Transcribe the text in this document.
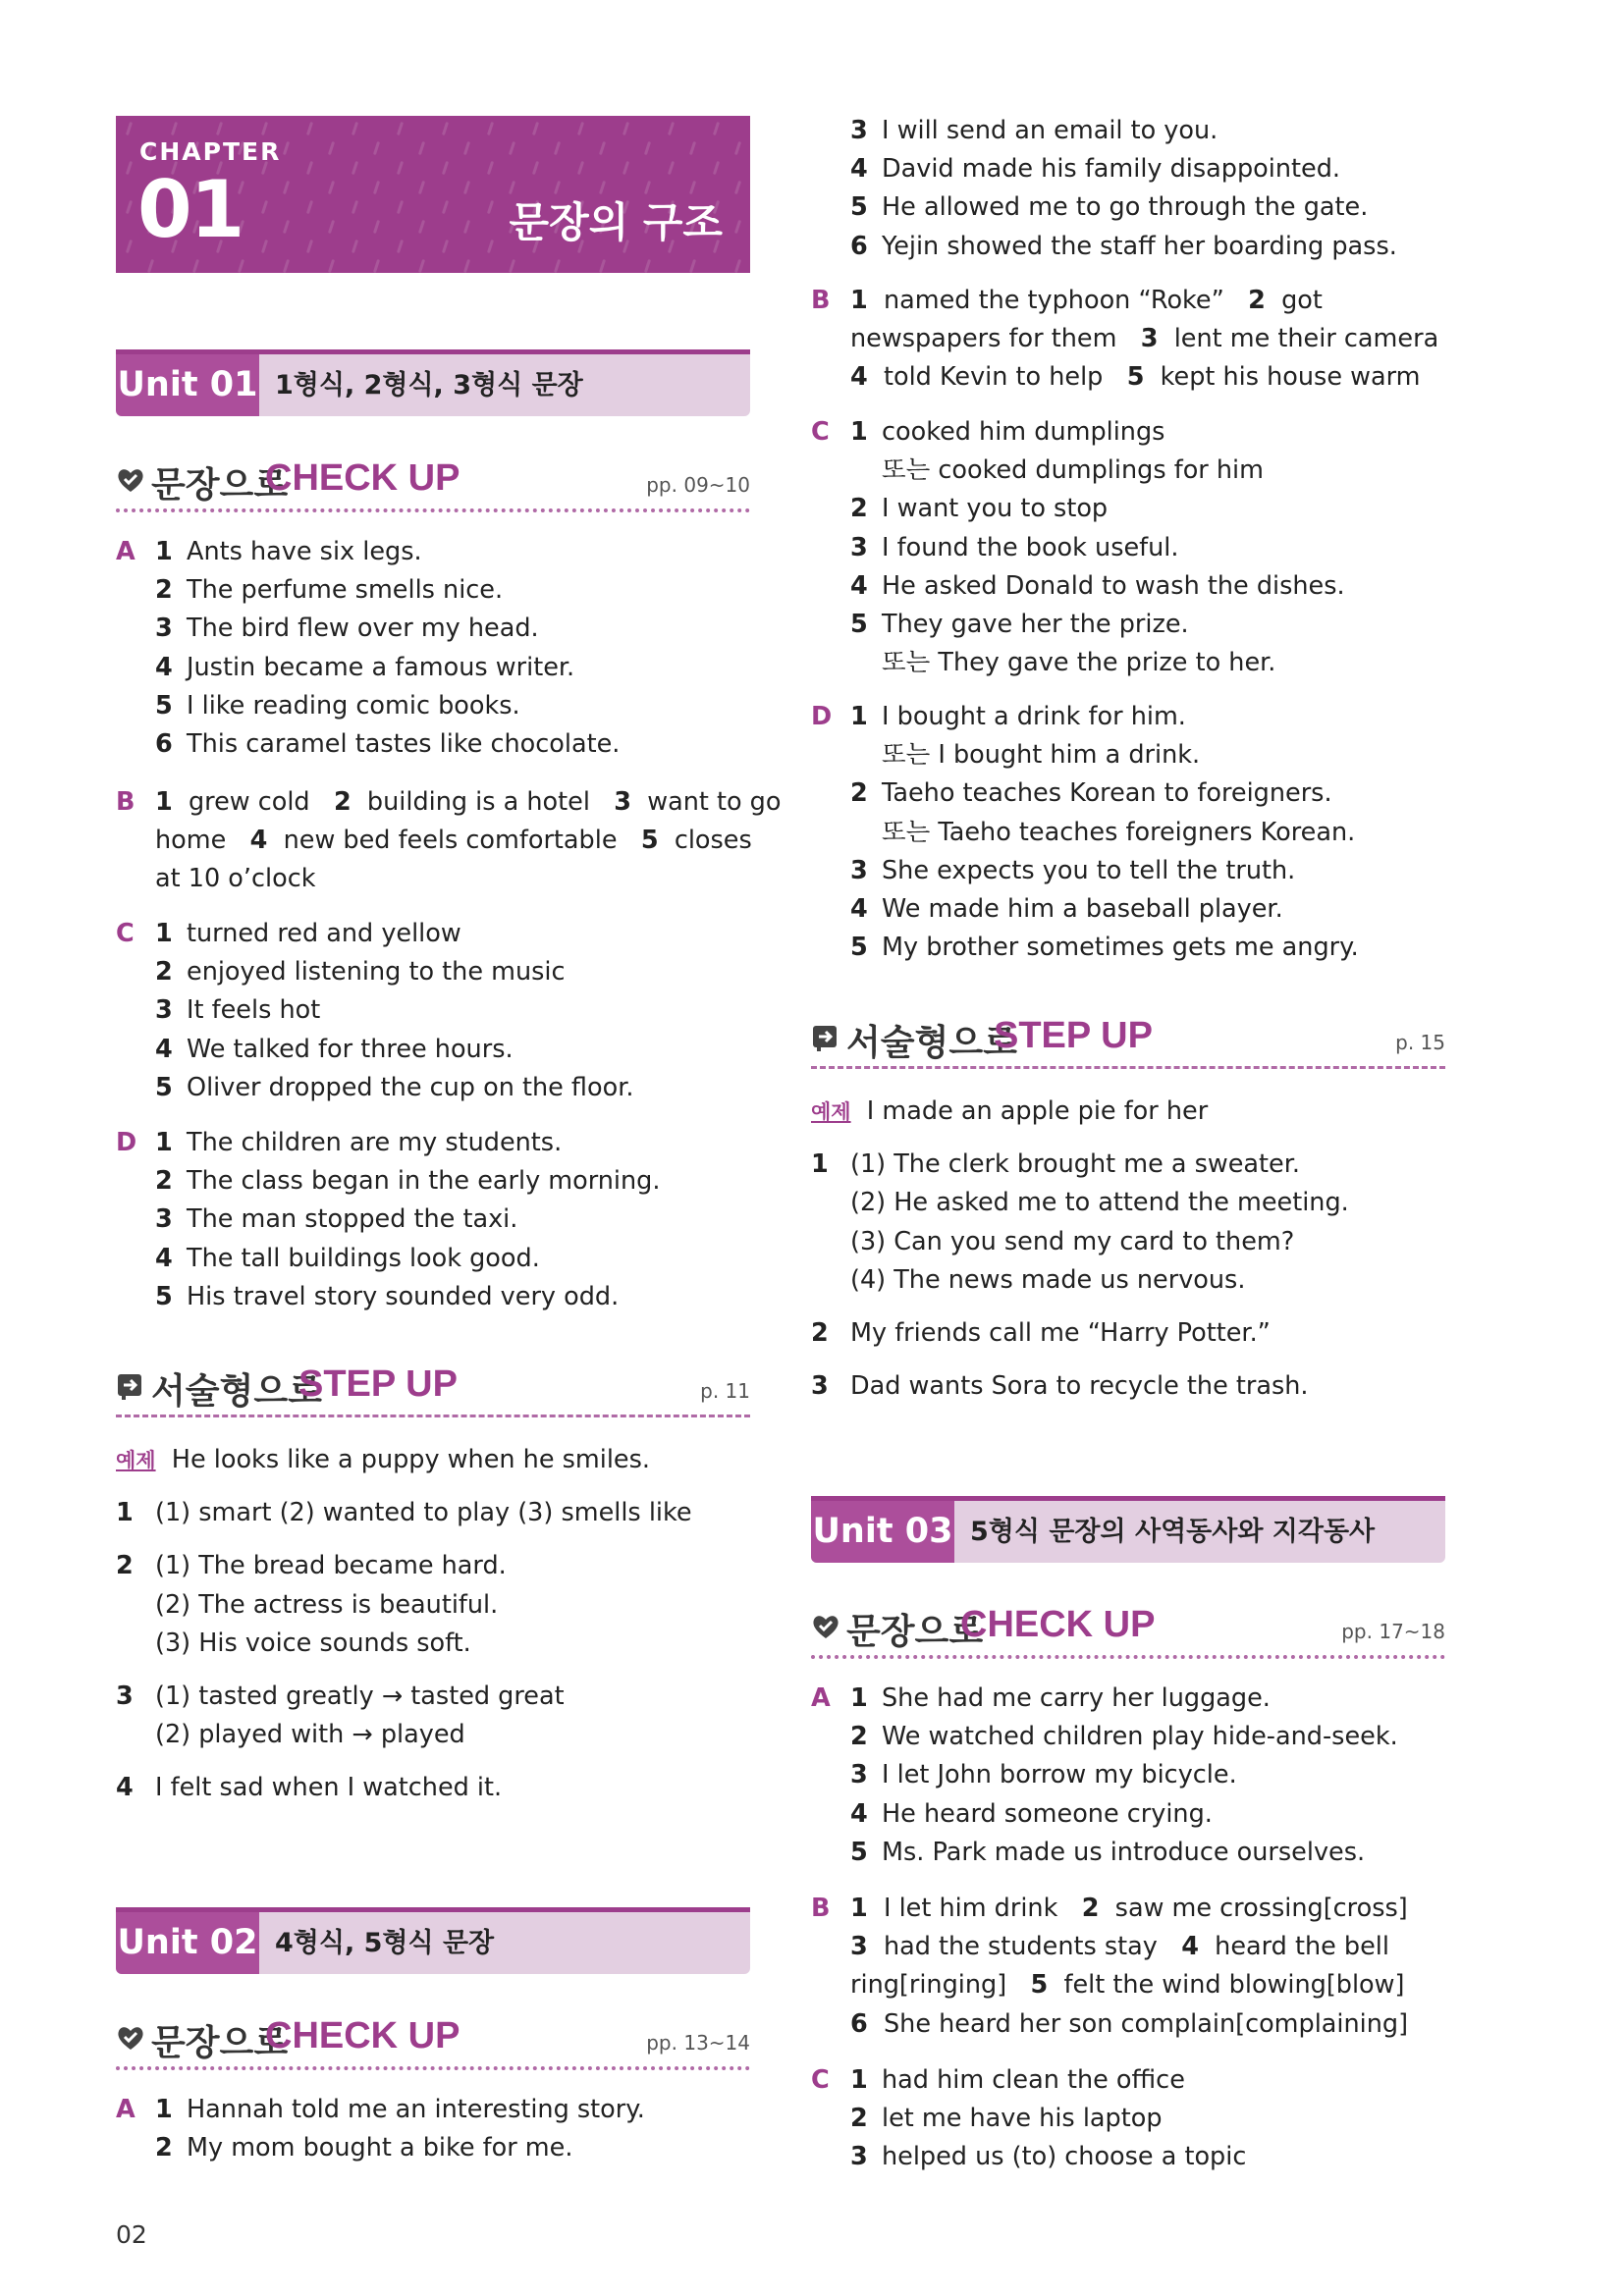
CHAPTER
01	문장의 구조
Unit 01 1형식, 2형식, 3형식 문장
문장으로
CHECK UP	pp. 09~10
A 1 Ants have six legs.
2 The perfume smells nice.
3 The bird flew over my head.
4 Justin became a famous writer.
5 I like reading comic books.
6 This caramel tastes like chocolate.
B 1 grew cold 2 building is a hotel 3 want to go
home 4 new bed feels comfortable 5 closes
at 10 o’clock
C 1 turned red and yellow
2 enjoyed listening to the music
3 It feels hot
4 We talked for three hours.
5 Oliver dropped the cup on the floor.
D 1 The children are my students.
2 The class began in the early morning.
3 The man stopped the taxi.
4 The tall buildings look good.
5 His travel story sounded very odd.
서술형으로
STEP UP	p. 11
예제 He looks like a puppy when he smiles.
1 (1) smart (2) wanted to play (3) smells like
2 (1) The bread became hard.
(2) The actress is beautiful.
(3) His voice sounds soft.
3 (1) tasted greatly → tasted great
(2) played with → played
4 I felt sad when I watched it.
Unit 02 4형식, 5형식 문장
문장으로
CHECK UP	pp. 13~14
A 1 Hannah told me an interesting story.
2 My mom bought a bike for me.
3 I will send an email to you.
4 David made his family disappointed.
5 He allowed me to go through the gate.
6 Yejin showed the staff her boarding pass.
B 1 named the typhoon “Roke” 2 got
newspapers for them 3 lent me their camera
4 told Kevin to help 5 kept his house warm
C 1 cooked him dumplings
또는 cooked dumplings for him
2 I want you to stop
3 I found the book useful.
4 He asked Donald to wash the dishes.
5 They gave her the prize.
또는 They gave the prize to her.
D 1 I bought a drink for him.
또는 I bought him a drink.
2 Taeho teaches Korean to foreigners.
또는 Taeho teaches foreigners Korean.
3 She expects you to tell the truth.
4 We made him a baseball player.
5 My brother sometimes gets me angry.
서술형으로
STEP UP	p. 15
예제 I made an apple pie for her
1 (1) The clerk brought me a sweater.
(2) He asked me to attend the meeting.
(3) Can you send my card to them?
(4) The news made us nervous.
2 My friends call me “Harry Potter.”
3 Dad wants Sora to recycle the trash.
Unit 03 5형식 문장의 사역동사와 지각동사
문장으로
CHECK UP	pp. 17~18
A 1 She had me carry her luggage.
2 We watched children play hide-and-seek.
3 I let John borrow my bicycle.
4 He heard someone crying.
5 Ms. Park made us introduce ourselves.
B 1 I let him drink 2 saw me crossing[cross]
3 had the students stay 4 heard the bell
ring[ringing] 5 felt the wind blowing[blow]
6 She heard her son complain[complaining]
C 1 had him clean the office
2 let me have his laptop
3 helped us (to) choose a topic
02
